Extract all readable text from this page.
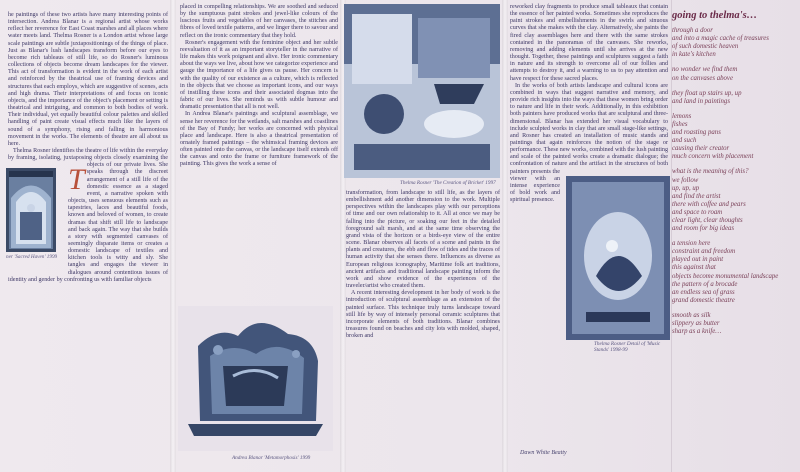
T

he paintings of these two artists have many interesting points of intersection. Andrea Blanar is a regional artist whose works reflect her reverence for East Coast marshes and all places where water meets land. Thelma Rosner is a London artist whose large scale paintings are subtle juxtapositionings of the things of place. Just as Blanar's lush landscapes transform before our eyes to become rich tableaus of still life, so do Rosner's luminous collections of objects become dream landscapes for the viewer. This act of transformation is evident in the work of each artist and reinforced by the theatrical use of framing devices and structures that each employs, which are suggestive of scenes, acts and high drama. Their interpretations of and focus on iconic objects, and the importance of the object's placement or setting is theatrical and intriguing, and common to both bodies of work. Their individual, yet equally beautiful colour palettes and skilled handling of paint create visual effects much like the layers of sound of a symphony, rising and falling in harmonious movement in the works. The elements of theatre are all about us here.

Thelma Rosner identifies the theatre of life within the everyday by framing, isolating, juxtaposing objects closely examining the objects of our private lives. She speaks through the discreet arrangement of a still life of the domestic essence as a staged event, a narrative spoken with objects, uses sensuous elements such as tapestries, laces and beautiful foods, known and beloved of women, to create dramas that shift still life to landscape and back again. The way that she builds a story with segmented canvases of seemingly disparate items or creates a domestic landscape of textiles and kitchen tools is witty and sly. She tangles and engages the viewer in dialogues around contentious issues of identity and gender by confronting us with familiar objects

ner 'Sacred Haven' 1999

placed in compelling relationships. We are soothed and seduced by the sumptuous paint strokes and jewel-like colours of the luscious fruits and vegetables of her canvases, the stitches and fibres of loved textile patterns, and we linger there to savour and reflect on the ironic commentary that they hold.

Rosner's engagement with the feminine object and her subtle reevaluation of it as an important storyteller in the narrative of life makes this work poignant and alive. Her ironic commentary about the ways we live, about how we categorize experience and gauge the importance of a life gives us pause. Her concern is with the quality of our existence as a culture, which is reflected in the objects that we choose as important icons, and our ways of instilling these icons and their associated dogmas into the fabric of our lives. She reminds us with subtle humour and dramatic presentation that all is not well.

In Andrea Blanar's paintings and sculptural assemblage, we sense her reverence for the wetlands, salt marshes and coastlines of the Bay of Fundy; her works are concerned with physical place and landscape. Here is also a theatrical presentation of ornately framed paintings – the whimsical framing devices are often painted onto the canvas, or the landscape itself extends off the canvas and onto the frame or furniture framework of the painting. This gives the work a sense of

Andrea Blanar 'Metamorphosis' 1999
Thelma Rosner 'The Creation of Bricket' 1997

transformation, from landscape to still life, as the layers of embellishment add another dimension to the work. Multiple perspectives within the landscapes play with our perceptions of time and our own relationship to it. All at once we may be falling into the picture, or soaking our feet in the detailed foreground salt marsh, and at the same time observing the grand vista of the horizon or a birds-eye view of the entire scene. Blanar observes all facets of a scene and paints in the plants and creatures, the ebb and flow of tides and the traces of human activity that she senses there. Influences as diverse as European religious iconography, Maritime folk art traditions, ancient artifacts and traditional landscape painting inform the work and show evidence of the experiences of the traveler/artist who created them.

A recent interesting development in her body of work is the introduction of sculptural assemblage as an extension of the painted surface. This technique truly turns landscape toward still life by way of intensely personal ceramic sculptures that incorporate elements of both traditions. Blanar combines treasures found on beaches and city lots with molded, shaped, broken and

reworked clay fragments to produce small tableaux that contain the essence of her painted works. Sometimes she reproduces the paint strokes and embellishments in the swirls and sinuous curves that she makes with the clay. Alternatively, she paints the fired clay assemblages here and there with the same strokes contained in the panoramas of the canvases. She reworks, removing and adding elements until she arrives at the new thought. Together, these paintings and sculptures suggest a faith in nature and its strength to overcome all of our follies and attempts to destroy it, and a warning to us to pay attention and have respect for these sacred places.

In the works of both artists landscape and cultural icons are combined in ways that suggest narrative and memory, and provide rich insights into the ways that these women bring order to nature and life in their work. Additionally, in this exhibition both painters have produced works that are sculptural and three-dimensional. Blanar has extended her visual vocabulary to include sculpted works in clay that are small stage-like settings, and Rosner has created an installation of music stands and paintings that again reinforces the notion of the stage or performance. These new works, combined with the lush painting and scale of the painted works create a dramatic dialogue; the confrontation of nature and the artifact in the structures of both painters presents the viewer with an intense experience of bold work and spiritual presence.

Thelma Rosner Detail of 'Music Stands' 1998-99
Dawn White Beatty
going to thelma's…
through a door
and into a magic cache of treasures
of such domestic heaven
in kate's kitchen
no wonder we find them
on the canvases above
they float up stairs up, up
and land in paintings
lemons
fishes
and roasting pans
and such
causing their creator
much concern with placement
what is the meaning of this?
we follow
up, up, up
and find the artist
there with coffee and pears
and space to roam
clear light, clear thoughts
and room for big ideas
a tension here
constraint and freedom
played out in paint
this against that
objects become monumental landscape
the pattern of a brocade
an endless sea of grass
grand domestic theatre
smooth as silk
slippery as butter
sharp as a knife…
